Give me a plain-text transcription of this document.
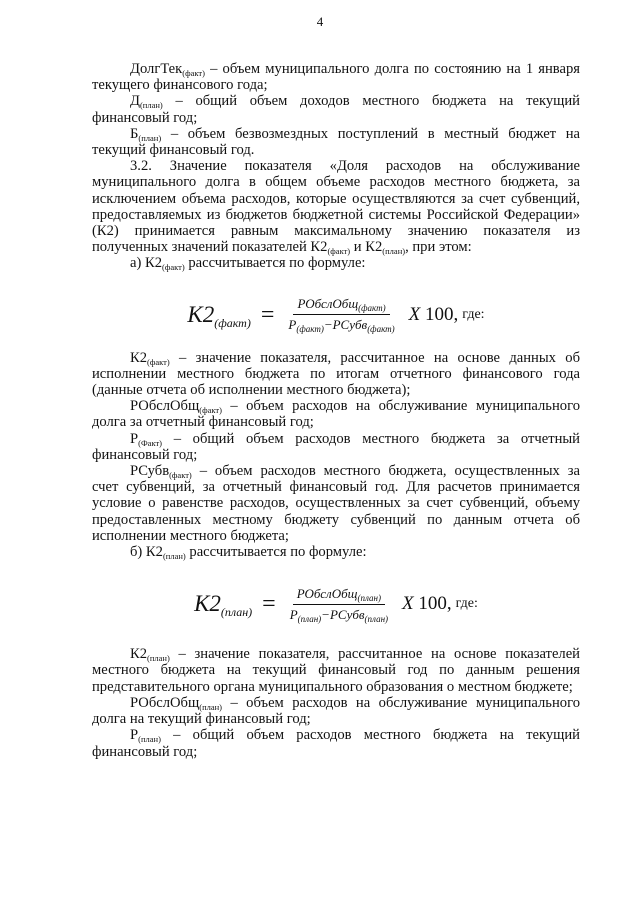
4

ДолгТек$_{(факт)}$ – объем муниципального долга по состоянию на 1 января текущего финансового года;

$Д_{(план)}$ – общий объем доходов местного бюджета на текущий финансовый год;

$Б_{(план)}$ – объем безвозмездных поступлений в местный бюджет на текущий финансовый год.

3.2. Значение показателя «Доля расходов на обслуживание муниципального долга в общем объеме расходов местного бюджета, за исключением объема расходов, которые осуществляются за счет субвенций, предоставляемых из бюджетов бюджетной системы Российской Федерации» (К2) принимается равным максимальному значению показателя из полученных значений показателей $К2_{(факт)}$ и $К2_{(план)}$, при этом:

а) $К2_{(факт)}$ рассчитывается по формуле:

$К2_{(факт)} = \frac{РОбслОбщ_{(факт)}}{Р_{(факт)}-РСубв_{(факт)}}$ Х 100, где:

$К2_{(факт)}$ – значение показателя, рассчитанное на основе данных об исполнении местного бюджета по итогам отчетного финансового года (данные отчета об исполнении местного бюджета);

РОбслОбщ$_{(факт)}$ – объем расходов на обслуживание муниципального долга за отчетный финансовый год;

$Р_{(Факт)}$ – общий объем расходов местного бюджета за отчетный финансовый год;

РСубв$_{(факт)}$ – объем расходов местного бюджета, осуществленных за счет субвенций, за отчетный финансовый год. Для расчетов принимается условие о равенстве расходов, осуществленных за счет субвенций, объему предоставленных местному бюджету субвенций по данным отчета об исполнении местного бюджета;

б) $К2_{(план)}$ рассчитывается по формуле:

$К2_{(план)} = \frac{РОбслОбщ_{(план)}}{Р_{(план)}-РСубв_{(план)}}$ Х 100, где:

$К2_{(план)}$ – значение показателя, рассчитанное на основе показателей местного бюджета на текущий финансовый год по данным решения представительного органа муниципального образования о местном бюджете;

РОбслОбщ$_{(план)}$ – объем расходов на обслуживание муниципального долга на текущий финансовый год;

$Р_{(план)}$ – общий объем расходов местного бюджета на текущий финансовый год;
